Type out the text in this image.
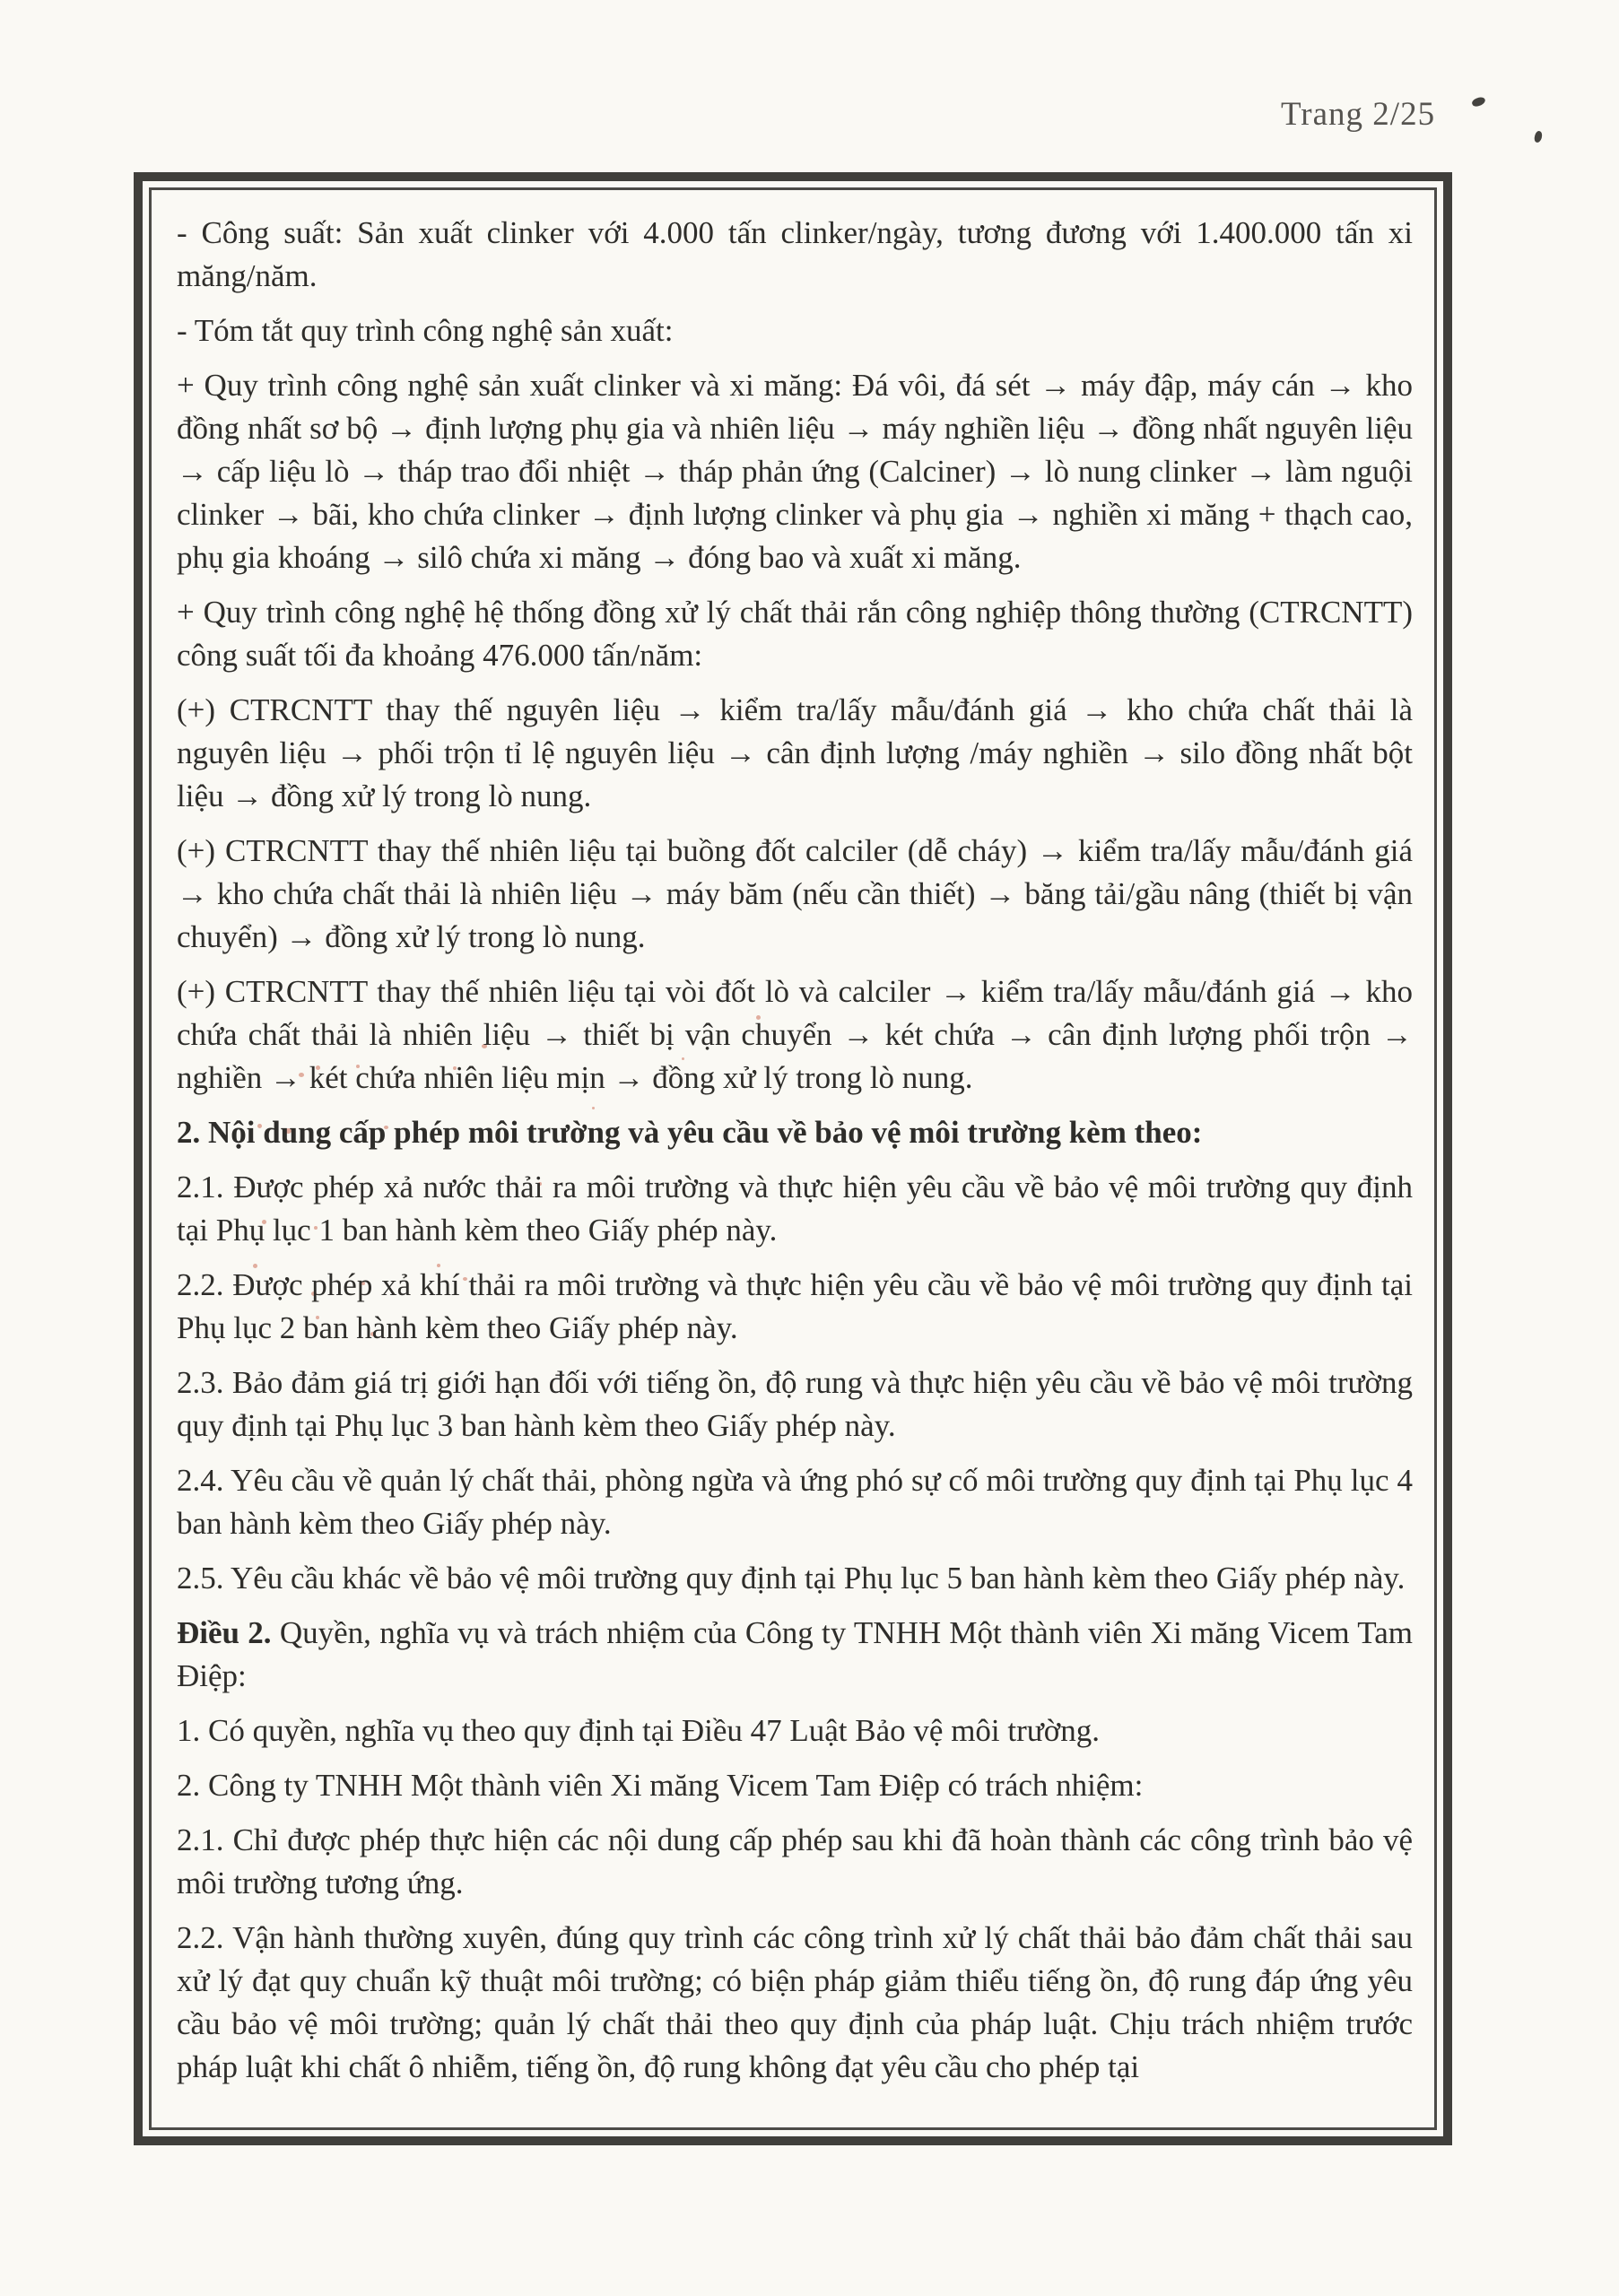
Trang 2/25

- Công suất: Sản xuất clinker với 4.000 tấn clinker/ngày, tương đương với 1.400.000 tấn xi măng/năm.

- Tóm tắt quy trình công nghệ sản xuất:

+ Quy trình công nghệ sản xuất clinker và xi măng: Đá vôi, đá sét → máy đập, máy cán → kho đồng nhất sơ bộ → định lượng phụ gia và nhiên liệu → máy nghiền liệu → đồng nhất nguyên liệu → cấp liệu lò → tháp trao đổi nhiệt → tháp phản ứng (Calciner) → lò nung clinker → làm nguội clinker → bãi, kho chứa clinker → định lượng clinker và phụ gia → nghiền xi măng + thạch cao, phụ gia khoáng → silô chứa xi măng → đóng bao và xuất xi măng.

+ Quy trình công nghệ hệ thống đồng xử lý chất thải rắn công nghiệp thông thường (CTRCNTT) công suất tối đa khoảng 476.000 tấn/năm:

(+) CTRCNTT thay thế nguyên liệu → kiểm tra/lấy mẫu/đánh giá → kho chứa chất thải là nguyên liệu → phối trộn tỉ lệ nguyên liệu → cân định lượng /máy nghiền → silo đồng nhất bột liệu → đồng xử lý trong lò nung.

(+) CTRCNTT thay thế nhiên liệu tại buồng đốt calciler (dễ cháy) → kiểm tra/lấy mẫu/đánh giá → kho chứa chất thải là nhiên liệu → máy băm (nếu cần thiết) → băng tải/gầu nâng (thiết bị vận chuyển) → đồng xử lý trong lò nung.

(+) CTRCNTT thay thế nhiên liệu tại vòi đốt lò và calciler → kiểm tra/lấy mẫu/đánh giá → kho chứa chất thải là nhiên liệu → thiết bị vận chuyển → két chứa → cân định lượng phối trộn → nghiền → két chứa nhiên liệu mịn → đồng xử lý trong lò nung.

2. Nội dung cấp phép môi trường và yêu cầu về bảo vệ môi trường kèm theo:

2.1. Được phép xả nước thải ra môi trường và thực hiện yêu cầu về bảo vệ môi trường quy định tại Phụ lục 1 ban hành kèm theo Giấy phép này.

2.2. Được phép xả khí thải ra môi trường và thực hiện yêu cầu về bảo vệ môi trường quy định tại Phụ lục 2 ban hành kèm theo Giấy phép này.

2.3. Bảo đảm giá trị giới hạn đối với tiếng ồn, độ rung và thực hiện yêu cầu về bảo vệ môi trường quy định tại Phụ lục 3 ban hành kèm theo Giấy phép này.

2.4. Yêu cầu về quản lý chất thải, phòng ngừa và ứng phó sự cố môi trường quy định tại Phụ lục 4 ban hành kèm theo Giấy phép này.

2.5. Yêu cầu khác về bảo vệ môi trường quy định tại Phụ lục 5 ban hành kèm theo Giấy phép này.

Điều 2. Quyền, nghĩa vụ và trách nhiệm của Công ty TNHH Một thành viên Xi măng Vicem Tam Điệp:

1. Có quyền, nghĩa vụ theo quy định tại Điều 47 Luật Bảo vệ môi trường.

2. Công ty TNHH Một thành viên Xi măng Vicem Tam Điệp có trách nhiệm:

2.1. Chỉ được phép thực hiện các nội dung cấp phép sau khi đã hoàn thành các công trình bảo vệ môi trường tương ứng.

2.2. Vận hành thường xuyên, đúng quy trình các công trình xử lý chất thải bảo đảm chất thải sau xử lý đạt quy chuẩn kỹ thuật môi trường; có biện pháp giảm thiểu tiếng ồn, độ rung đáp ứng yêu cầu bảo vệ môi trường; quản lý chất thải theo quy định của pháp luật. Chịu trách nhiệm trước pháp luật khi chất ô nhiễm, tiếng ồn, độ rung không đạt yêu cầu cho phép tại
